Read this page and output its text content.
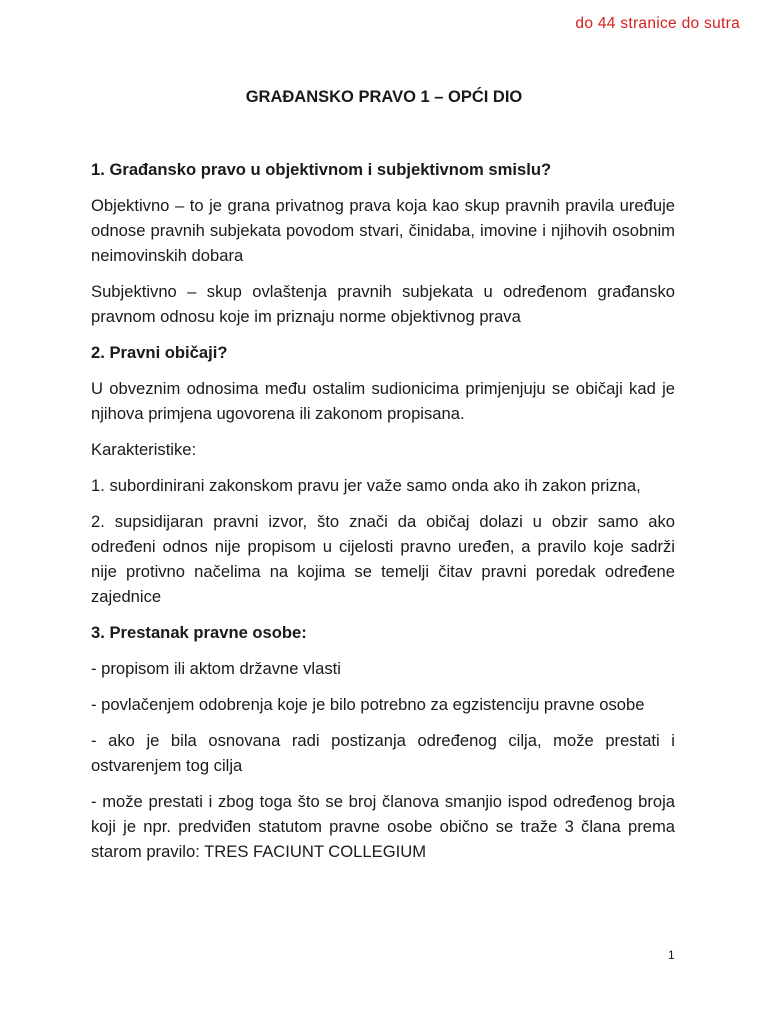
do 44 stranice do sutra
GRAĐANSKO PRAVO 1 – OPĆI DIO

1. Građansko pravo u objektivnom i subjektivnom smislu?

Objektivno – to je grana privatnog prava koja kao skup pravnih pravila uređuje odnose pravnih subjekata povodom stvari, činidaba, imovine i njihovih osobnim neimovinskih dobara

Subjektivno – skup ovlaštenja pravnih subjekata u određenom građansko pravnom odnosu koje im priznaju norme objektivnog prava

2. Pravni običaji?

U obveznim odnosima među ostalim sudionicima primjenjuju se običaji kad je njihova primjena ugovorena ili zakonom propisana.

Karakteristike:

1. subordinirani zakonskom pravu jer važe samo onda ako ih zakon prizna,

2. supsidijaran pravni izvor, što znači da običaj dolazi u obzir samo ako određeni odnos nije propisom u cijelosti pravno uređen, a pravilo koje sadrži nije protivno načelima na kojima se temelji čitav pravni poredak određene zajednice

3. Prestanak pravne osobe:

- propisom ili aktom državne vlasti

- povlačenjem odobrenja koje je bilo potrebno za egzistenciju pravne osobe

- ako je bila osnovana radi postizanja određenog cilja, može prestati i ostvarenjem tog cilja

- može prestati i zbog toga što se broj članova smanjio ispod određenog broja koji je npr. predviđen statutom pravne osobe obično se traže 3 člana prema starom pravilo: TRES FACIUNT COLLEGIUM

1
